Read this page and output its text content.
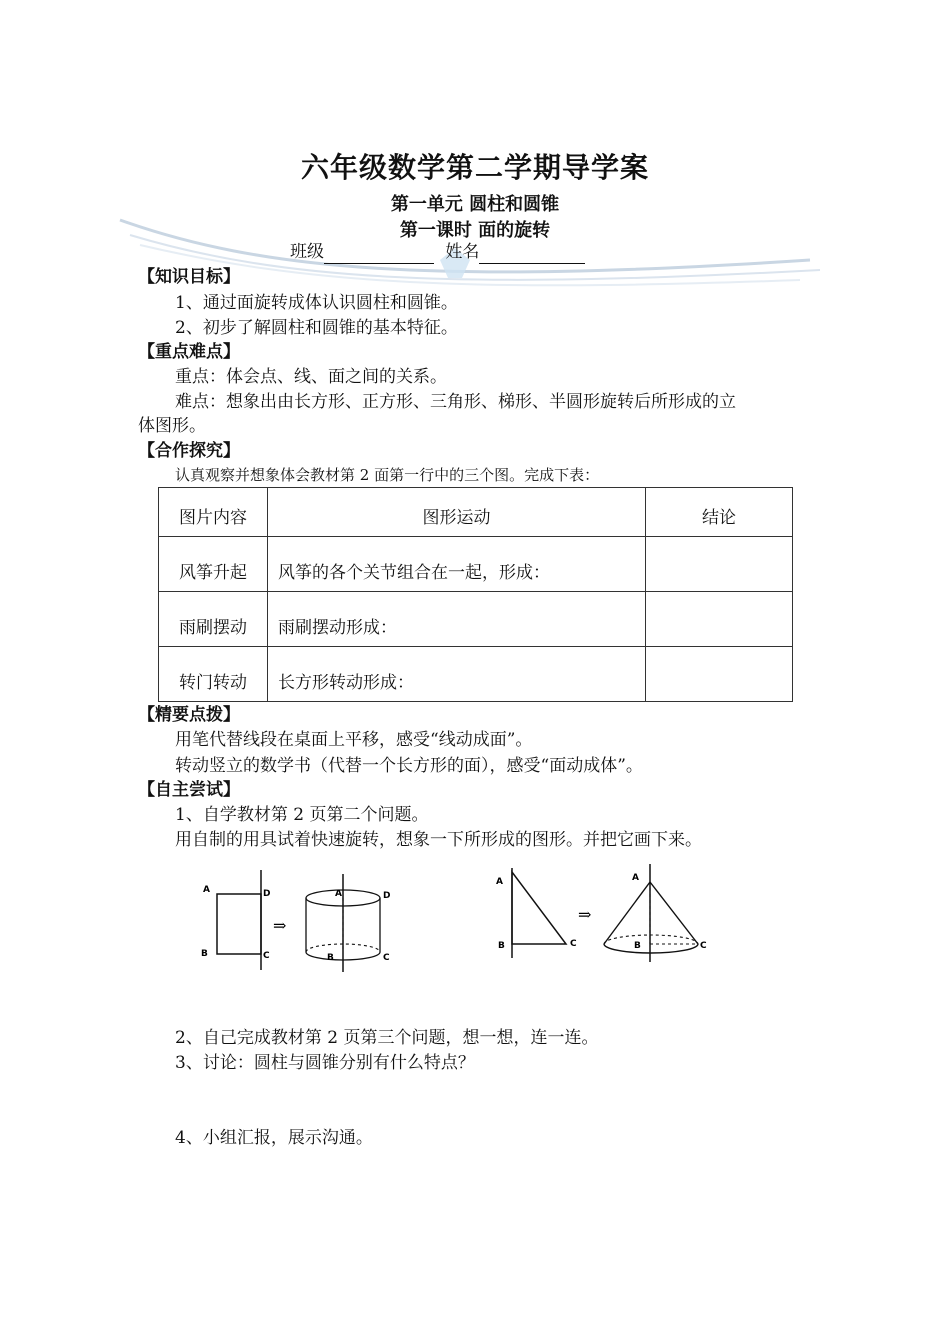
六年级数学第二学期导学案
第一单元 圆柱和圆锥
第一课时 面的旋转
班级	姓名
【知识目标】
1、通过面旋转成体认识圆柱和圆锥。
2、初步了解圆柱和圆锥的基本特征。
【重点难点】
重点：体会点、线、面之间的关系。
难点：想象出由长方形、正方形、三角形、梯形、半圆形旋转后所形成的立
体图形。
【合作探究】
认真观察并想象体会教材第 2 面第一行中的三个图。完成下表：
图片内容	图形运动	结论
风筝升起	风筝的各个关节组合在一起，形成：	
雨刷摆动	雨刷摆动形成：	
转门转动	长方形转动形成：	
【精要点拨】
用笔代替线段在桌面上平移，感受“线动成面”。
转动竖立的数学书（代替一个长方形的面），感受“面动成体”。
【自主尝试】
1、自学教材第 2 页第二个问题。
用自制的用具试着快速旋转，想象一下所形成的图形。并把它画下来。
A	D
B	C
⇒
A	D
B	C
A
B	C
⇒
A
B	C
2、自己完成教材第 2 页第三个问题，想一想，连一连。
3、讨论：圆柱与圆锥分别有什么特点？
4、小组汇报，展示沟通。
